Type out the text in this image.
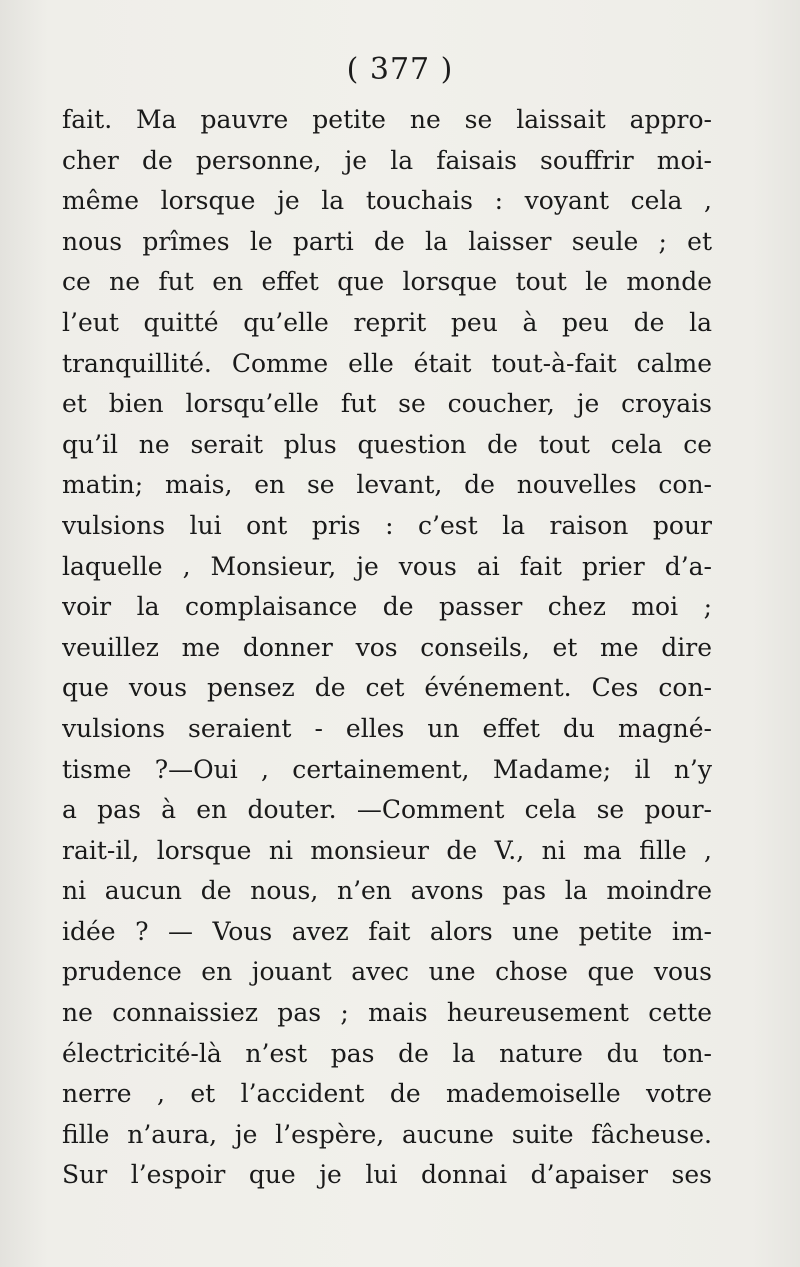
( 377 )
fait. Ma pauvre petite ne se laissait appro-
cher de personne, je la faisais souffrir moi-
même lorsque je la touchais : voyant cela ,
nous prîmes le parti de la laisser seule ; et
ce ne fut en effet que lorsque tout le monde
l’eut quitté qu’elle reprit peu à peu de la
tranquillité. Comme elle était tout-à-fait calme
et bien lorsqu’elle fut se coucher, je croyais
qu’il ne serait plus question de tout cela ce
matin; mais, en se levant, de nouvelles con-
vulsions lui ont pris : c’est la raison pour
laquelle , Monsieur, je vous ai fait prier d’a-
voir la complaisance de passer chez moi ;
veuillez me donner vos conseils, et me dire
que vous pensez de cet événement. Ces con-
vulsions seraient - elles un effet du magné-
tisme ?—Oui , certainement, Madame; il n’y
a pas à en douter. —Comment cela se pour-
rait-il, lorsque ni monsieur de V., ni ma fille ,
ni aucun de nous, n’en avons pas la moindre
idée ? — Vous avez fait alors une petite im-
prudence en jouant avec une chose que vous
ne connaissiez pas ; mais heureusement cette
électricité-là n’est pas de la nature du ton-
nerre , et l’accident de mademoiselle votre
fille n’aura, je l’espère, aucune suite fâcheuse.
Sur l’espoir que je lui donnai d’apaiser ses
